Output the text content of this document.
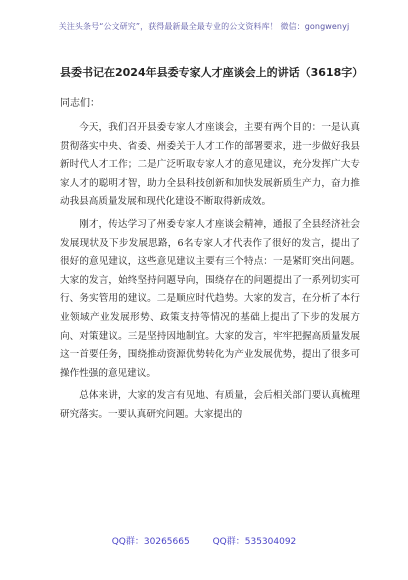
关注头条号“公文研究”，获得最新最全最专业的公文资料库！ 微信：gongwenyj
县委书记在2024年县委专家人才座谈会上的讲话（3618字）
同志们：

今天，我们召开县委专家人才座谈会，主要有两个目的：一是认真贯彻落实中央、省委、州委关于人才工作的部署要求，进一步做好我县新时代人才工作；二是广泛听取专家人才的意见建议，充分发挥广大专家人才的聪明才智，助力全县科技创新和加快发展新质生产力，奋力推动我县高质量发展和现代化建设不断取得新成效。

刚才，传达学习了州委专家人才座谈会精神，通报了全县经济社会发展现状及下步发展思路，6名专家人才代表作了很好的发言，提出了很好的意见建议，这些意见建议主要有三个特点：一是紧盯突出问题。大家的发言，始终坚持问题导向，围绕存在的问题提出了一系列切实可行、务实管用的建议。二是顺应时代趋势。大家的发言，在分析了本行业领域产业发展形势、政策支持等情况的基础上提出了下步的发展方向、对策建议。三是坚持因地制宜。大家的发言，牢牢把握高质量发展这一首要任务，围绕推动资源优势转化为产业发展优势，提出了很多可操作性强的意见建议。

总体来讲，大家的发言有见地、有质量，会后相关部门要认真梳理研究落实。一要认真研究问题。大家提出的

QQ群：30265665	QQ群：535304092
